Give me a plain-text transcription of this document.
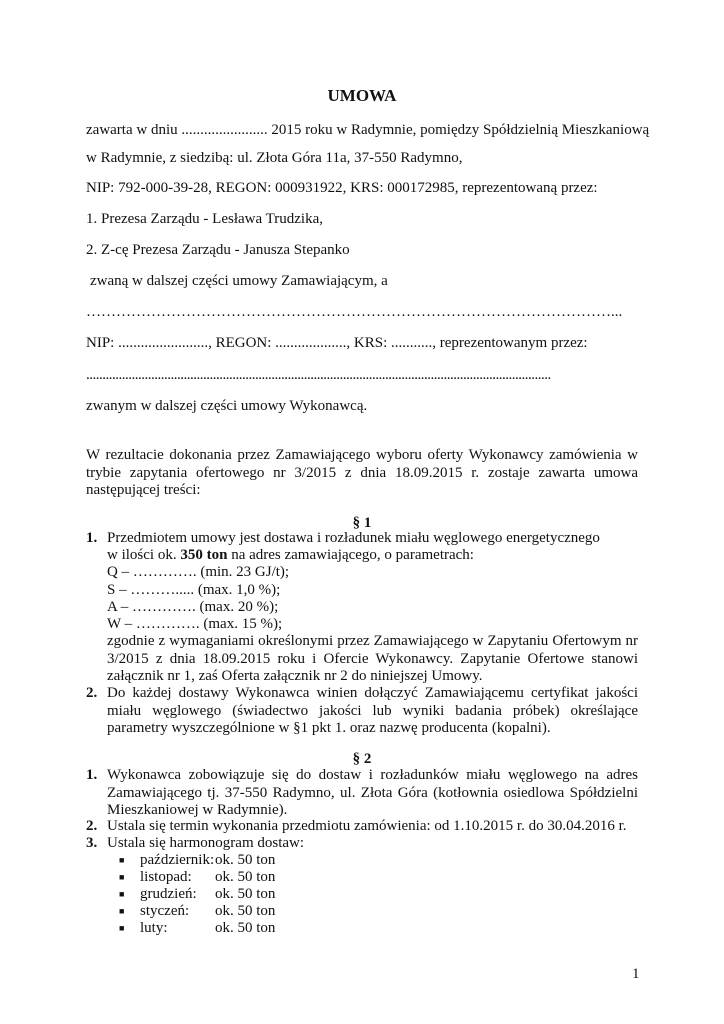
UMOWA
zawarta w dniu ....................... 2015 roku w Radymnie, pomiędzy Spółdzielnią Mieszkaniową
w Radymnie, z siedzibą: ul. Złota Góra 11a, 37-550 Radymno,
NIP: 792-000-39-28, REGON: 000931922, KRS: 000172985, reprezentowaną przez:
1. Prezesa Zarządu - Lesława Trudzika,
2. Z-cę Prezesa Zarządu - Janusza Stepanko
zwaną w dalszej części umowy Zamawiającym, a
……………………………………………………………………………………………...
NIP: ........................, REGON: ..................., KRS: ..........., reprezentowanym przez:
...............................................................................................................................................
zwanym w dalszej części umowy Wykonawcą.
W rezultacie dokonania przez Zamawiającego wyboru oferty Wykonawcy zamówienia w trybie zapytania ofertowego nr 3/2015 z dnia 18.09.2015 r. zostaje zawarta umowa następującej treści:
§ 1
1. Przedmiotem umowy jest dostawa i rozładunek miału węglowego energetycznego
w ilości ok. 350 ton na adres zamawiającego, o parametrach:
Q – …………. (min. 23 GJ/t);
S – ………..... (max. 1,0 %);
A – …………. (max. 20 %);
W – …………. (max. 15 %);
zgodnie z wymaganiami określonymi przez Zamawiającego w Zapytaniu Ofertowym nr 3/2015 z dnia 18.09.2015 roku i Ofercie Wykonawcy. Zapytanie Ofertowe stanowi załącznik nr 1, zaś Oferta załącznik nr 2 do niniejszej Umowy.
2. Do każdej dostawy Wykonawca winien dołączyć Zamawiającemu certyfikat jakości miału węglowego (świadectwo jakości lub wyniki badania próbek) określające parametry wyszczególnione w §1 pkt 1. oraz nazwę producenta (kopalni).
§ 2
1. Wykonawca zobowiązuje się do dostaw i rozładunków miału węglowego na adres Zamawiającego tj. 37-550 Radymno, ul. Złota Góra (kotłownia osiedlowa Spółdzielni Mieszkaniowej w Radymnie).
2. Ustala się termin wykonania przedmiotu zamówienia: od 1.10.2015 r. do 30.04.2016 r.
3. Ustala się harmonogram dostaw:
■ październik: ok. 50 ton
■ listopad: ok. 50 ton
■ grudzień: ok. 50 ton
■ styczeń: ok. 50 ton
■ luty:	ok. 50 ton
1
